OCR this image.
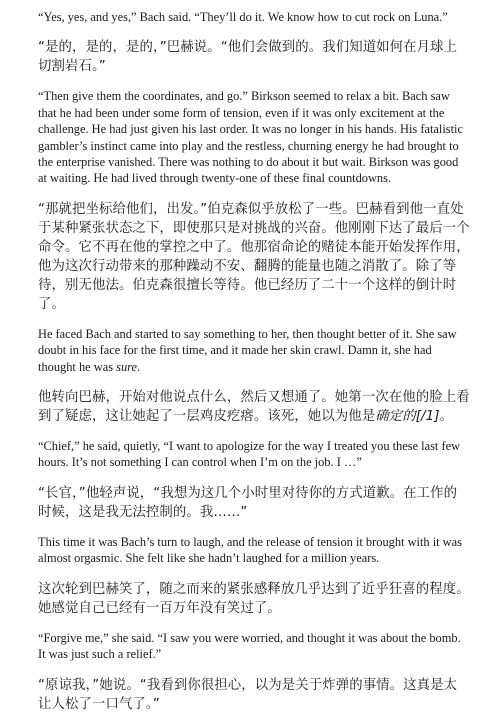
“Yes, yes, and yes,” Bach said. “They’ll do it. We know how to cut rock on Luna.”

“是的，是的，是的，”巴赫说。“他们会做到的。我们知道如何在月球上切割岩石。”

“Then give them the coordinates, and go.” Birkson seemed to relax a bit. Bach saw that he had been under some form of tension, even if it was only excitement at the challenge. He had just given his last order. It was no longer in his hands. His fatalistic gambler’s instinct came into play and the restless, churning energy he had brought to the enterprise vanished. There was nothing to do about it but wait. Birkson was good at waiting. He had lived through twenty-one of these final countdowns.

“那就把坐标给他们，出发。”伯克森似乎放松了一些。巴赫看到他一直处于某种紧张状态之下，即使那只是对挑战的兴奋。他刚刚下达了最后一个命令。它不再在他的掌控之中了。他那宿命论的赌徒本能开始发挥作用，他为这次行动带来的那种躁动不安、翻腾的能量也随之消散了。除了等待，别无他法。伯克森很擅长等待。他已经历了二十一个这样的倒计时了。

He faced Bach and started to say something to her, then thought better of it. She saw doubt in his face for the first time, and it made her skin crawl. Damn it, she had thought he was sure.

他转向巴赫，开始对他说点什么，然后又想通了。她第一次在他的脸上看到了疑虑，这让她起了一层鸡皮疙瘩。该死，她以为他是确定的[/1]。

“Chief,” he said, quietly, “I want to apologize for the way I treated you these last few hours. It’s not something I can control when I’m on the job. I …”

“长官，”他轻声说，“我想为这几个小时里对待你的方式道歉。在工作的时候，这是我无法控制的。我……”

This time it was Bach’s turn to laugh, and the release of tension it brought with it was almost orgasmic. She felt like she hadn’t laughed for a million years.

这次轮到巴赫笑了，随之而来的紧张感释放几乎达到了近乎狂喜的程度。她感觉自己已经有一百万年没有笑过了。

“Forgive me,” she said. “I saw you were worried, and thought it was about the bomb. It was just such a relief.”

“原谅我，”她说。“我看到你很担心，以为是关于炸弹的事情。这真是太让人松了一口气了。”
